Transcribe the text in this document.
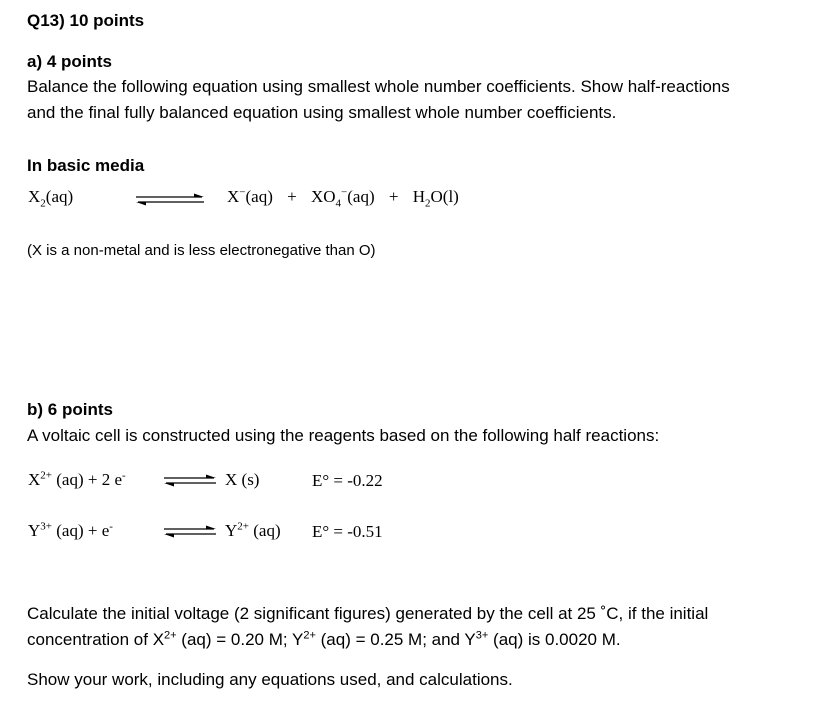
Q13) 10 points
a) 4 points
Balance the following equation using smallest whole number coefficients. Show half-reactions
and the final fully balanced equation using smallest whole number coefficients.
In basic media
$X_2(aq)$	$X^-(aq) + XO_4^-(aq) + H_2O(l)$
(X is a non-metal and is less electronegative than O)
b) 6 points
A voltaic cell is constructed using the reagents based on the following half reactions:
$X^{2+}$ (aq) + 2 e- ⇌ X (s)	E° = -0.22
$Y^{3+}$ (aq) + e-	⇌ $Y^{2+}$ (aq) E° = -0.51
Calculate the initial voltage (2 significant figures) generated by the cell at 25 ˚C, if the initial
concentration of $X^{2+}$ (aq) = 0.20 M; $Y^{2+}$ (aq) = 0.25 M; and $Y^{3+}$ (aq) is 0.0020 M.
Show your work, including any equations used, and calculations.
